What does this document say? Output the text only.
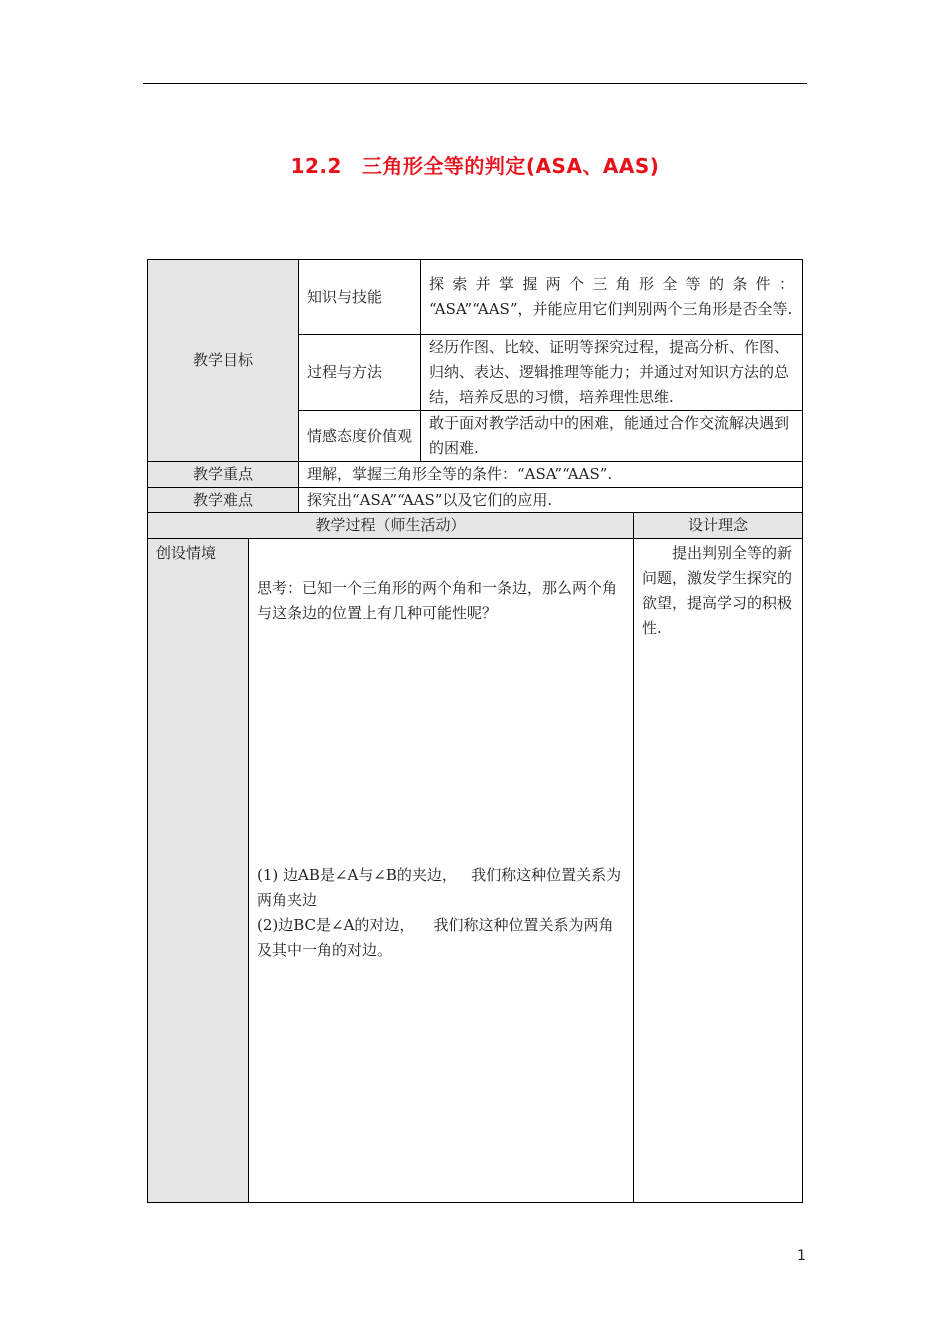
12.2 三角形全等的判定(ASA、AAS)
教学目标	知识与技能	探 索 并 掌 握 两 个 三 角 形 全 等 的 条 件 ：
“ASA”“AAS”，并能应用它们判别两个三角形是否全等.

	过程与方法	经历作图、比较、证明等探究过程，提高分析、作图、归纳、表达、逻辑推理等能力；并通过对知识方法的总结，培养反思的习惯，培养理性思维.
	情感态度价值观	敢于面对教学活动中的困难，能通过合作交流解决遇到的困难.
教学重点	理解，掌握三角形全等的条件：“ASA”“AAS”.	
教学难点	探究出“ASA”“AAS”以及它们的应用.	
教学过程（师生活动）		设计理念
创设情境	思考：已知一个三角形的两个角和一条边，那么两个角
与这条边的位置上有几种可能性呢？
(1) 边AB是∠A与∠B的夹边，   我们称这种位置关系为两角夹边
(2)边BC是∠A的对边，    我们称这种位置关系为两角及其中一角的对边。	提出判别全等的新问题，激发学生探究的欲望，提高学习的积极性.
1
